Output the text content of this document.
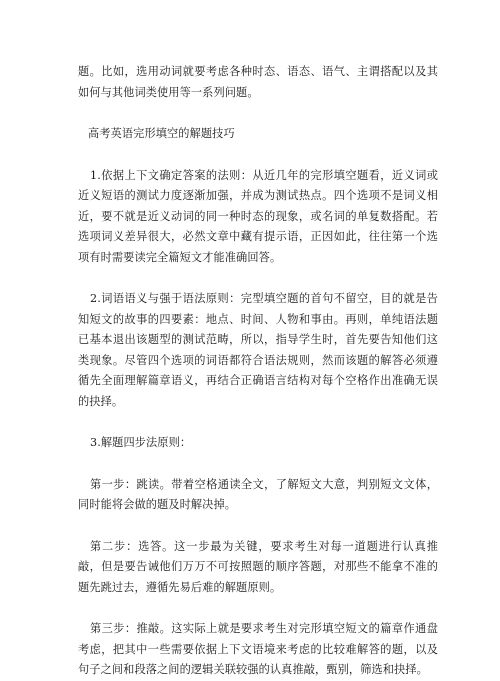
题。比如，选用动词就要考虑各种时态、语态、语气、主谓搭配以及其如何与其他词类使用等一系列问题。

高考英语完形填空的解题技巧

1.依据上下文确定答案的法则：从近几年的完形填空题看，近义词或近义短语的测试力度逐渐加强，并成为测试热点。四个选项不是词义相近，要不就是近义动词的同一种时态的现象，或名词的单复数搭配。若选项词义差异很大，必然文章中藏有提示语，正因如此，往往第一个选项有时需要读完全篇短文才能准确回答。

2.词语语义与强于语法原则：完型填空题的首句不留空，目的就是告知短文的故事的四要素：地点、时间、人物和事由。再则，单纯语法题已基本退出该题型的测试范畴，所以，指导学生时，首先要告知他们这类现象。尽管四个选项的词语都符合语法规则，然而该题的解答必须遵循先全面理解篇章语义，再结合正确语言结构对每个空格作出准确无误的抉择。

3.解题四步法原则：

第一步：跳读。带着空格通读全文，了解短文大意，判别短文文体，同时能将会做的题及时解决掉。

第二步：选答。这一步最为关键，要求考生对每一道题进行认真推敲，但是要告诫他们万万不可按照题的顺序答题，对那些不能拿不准的题先跳过去，遵循先易后难的解题原则。

第三步：推敲。这实际上就是要求考生对完形填空短文的篇章作通盘考虑，把其中一些需要依据上下文语境来考虑的比较难解答的题，以及句子之间和段落之间的逻辑关联较强的认真推敲，甄别，筛选和抉择。
